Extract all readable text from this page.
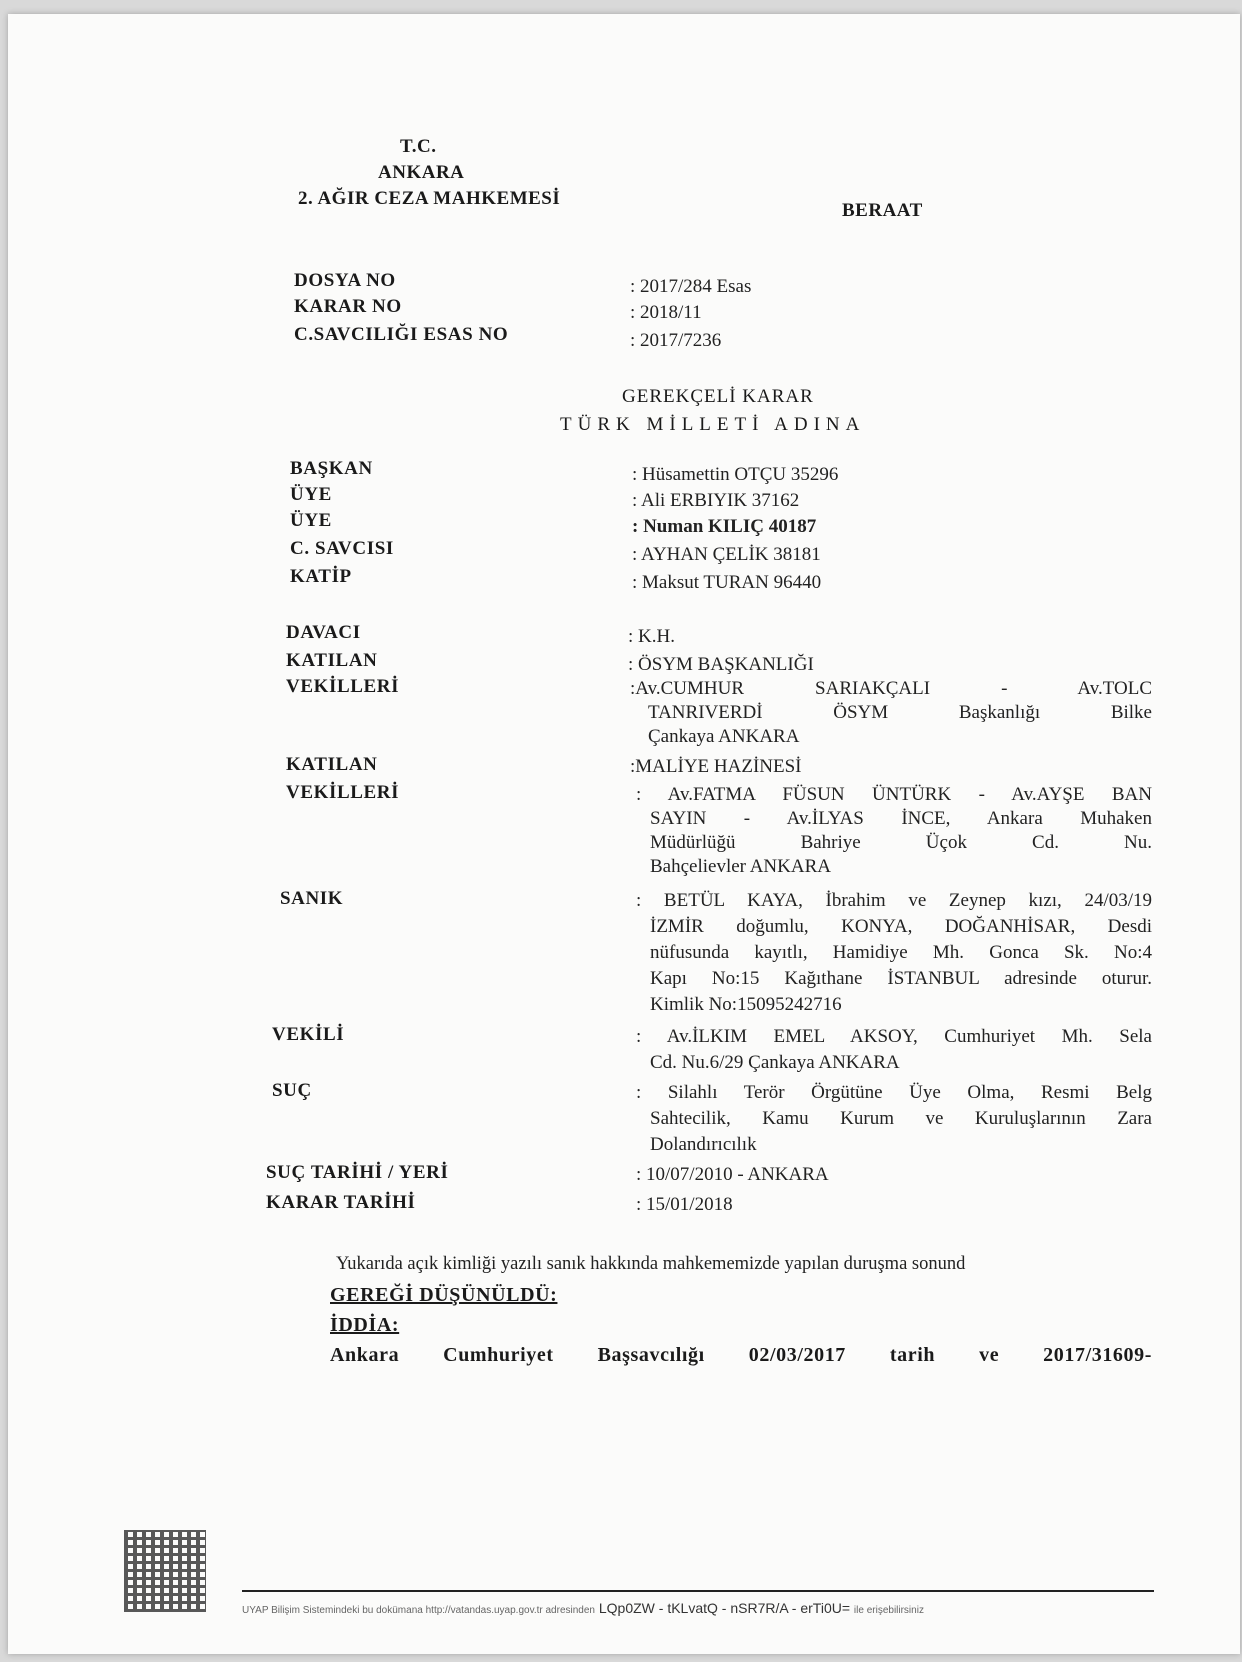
T.C.
ANKARA
2. AĞIR CEZA MAHKEMESİ
BERAAT
DOSYA NO	: 2017/284 Esas
KARAR NO	: 2018/11
C.SAVCILIĞI ESAS NO	: 2017/7236
GEREKÇELİ KARAR
TÜRK MİLLETİ ADINA
BAŞKAN	: Hüsamettin OTÇU 35296
ÜYE	: Ali ERBIYIK 37162
ÜYE	: Numan KILIÇ 40187
C. SAVCISI	: AYHAN ÇELİK 38181
KATİP	: Maksut TURAN 96440
DAVACI	: K.H.
KATILAN	: ÖSYM BAŞKANLIĞI
VEKİLLERİ	:Av.CUMHUR SARIAKÇALI - Av.TOLC
TANRIVERDİ ÖSYM Başkanlığı Bilke
Çankaya ANKARA
KATILAN	:MALİYE HAZİNESİ
VEKİLLERİ	: Av.FATMA FÜSUN ÜNTÜRK - Av.AYŞE BAN
SAYIN - Av.İLYAS İNCE, Ankara Muhaken
Müdürlüğü Bahriye Üçok Cd. Nu.
Bahçelievler ANKARA
SANIK	: BETÜL KAYA, İbrahim ve Zeynep kızı, 24/03/19
İZMİR doğumlu, KONYA, DOĞANHİSAR, Desdi
nüfusunda kayıtlı, Hamidiye Mh. Gonca Sk. No:4
Kapı No:15 Kağıthane İSTANBUL adresinde oturur.
Kimlik No:15095242716
VEKİLİ	: Av.İLKIM EMEL AKSOY, Cumhuriyet Mh. Sela
Cd. Nu.6/29 Çankaya ANKARA
SUÇ	: Silahlı Terör Örgütüne Üye Olma, Resmi Belg
Sahtecilik, Kamu Kurum ve Kuruluşlarının Zara
Dolandırıcılık
SUÇ TARİHİ / YERİ	: 10/07/2010 - ANKARA
KARAR TARİHİ	: 15/01/2018
Yukarıda açık kimliği yazılı sanık hakkında mahkememizde yapılan duruşma sonund
GEREĞİ DÜŞÜNÜLDÜ:
İDDİA:
Ankara Cumhuriyet Başsavcılığı 02/03/2017 tarih ve 2017/31609-
UYAP Bilişim Sistemindeki bu dokümana http://vatandas.uyap.gov.tr adresinden LQp0ZW - tKLvatQ - nSR7R/A - erTi0U= ile erişebilirsiniz
